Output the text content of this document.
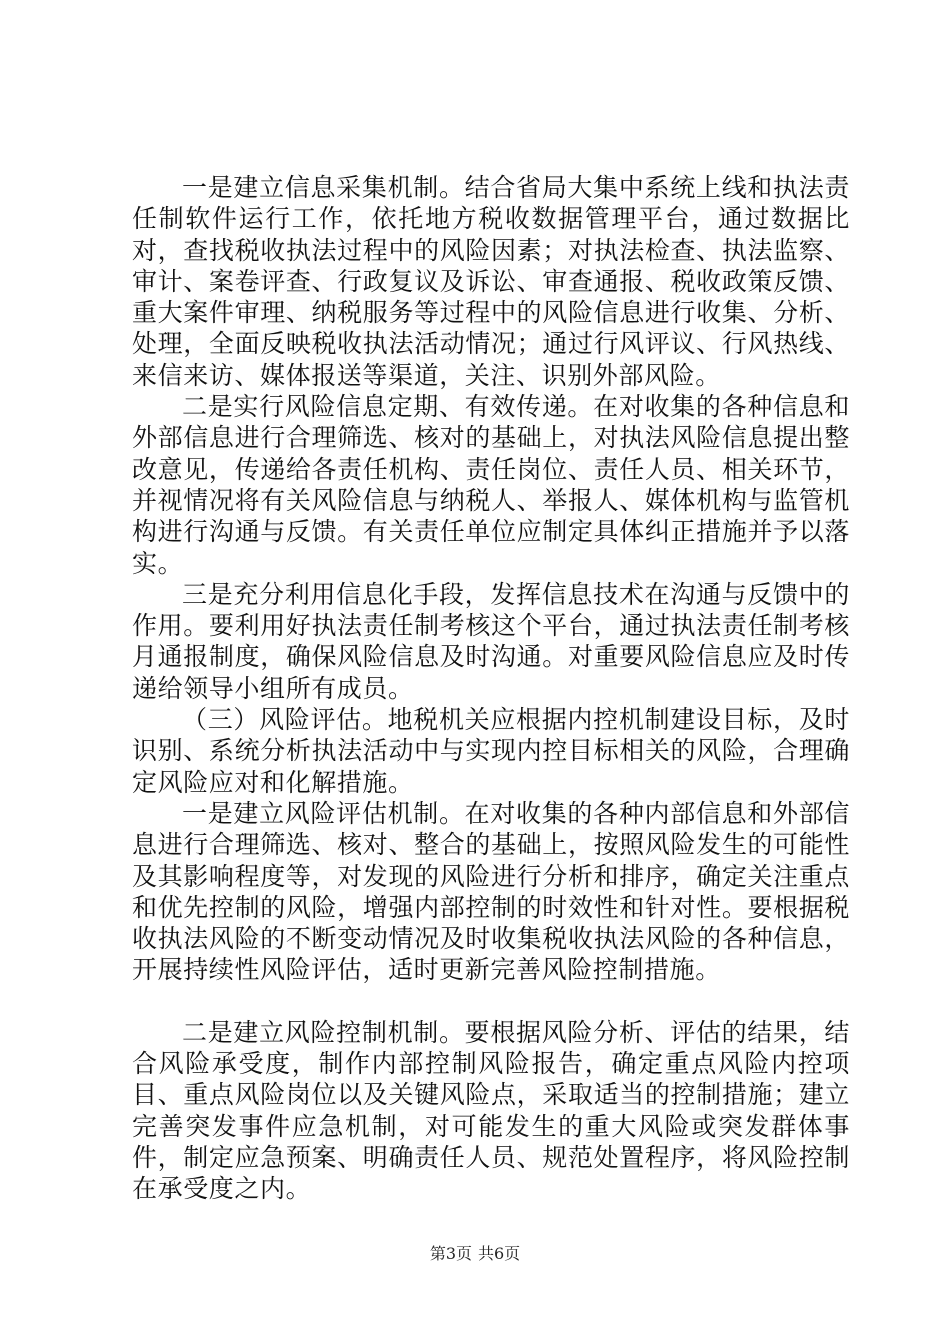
一是建立信息采集机制。结合省局大集中系统上线和执法责任制软件运行工作，依托地方税收数据管理平台，通过数据比对，查找税收执法过程中的风险因素；对执法检查、执法监察、审计、案卷评查、行政复议及诉讼、审查通报、税收政策反馈、重大案件审理、纳税服务等过程中的风险信息进行收集、分析、处理，全面反映税收执法活动情况；通过行风评议、行风热线、来信来访、媒体报送等渠道，关注、识别外部风险。

二是实行风险信息定期、有效传递。在对收集的各种信息和外部信息进行合理筛选、核对的基础上，对执法风险信息提出整改意见，传递给各责任机构、责任岗位、责任人员、相关环节，并视情况将有关风险信息与纳税人、举报人、媒体机构与监管机构进行沟通与反馈。有关责任单位应制定具体纠正措施并予以落实。

三是充分利用信息化手段，发挥信息技术在沟通与反馈中的作用。要利用好执法责任制考核这个平台，通过执法责任制考核月通报制度，确保风险信息及时沟通。对重要风险信息应及时传递给领导小组所有成员。

（三）风险评估。地税机关应根据内控机制建设目标，及时识别、系统分析执法活动中与实现内控目标相关的风险，合理确定风险应对和化解措施。

一是建立风险评估机制。在对收集的各种内部信息和外部信息进行合理筛选、核对、整合的基础上，按照风险发生的可能性及其影响程度等，对发现的风险进行分析和排序，确定关注重点和优先控制的风险，增强内部控制的时效性和针对性。要根据税收执法风险的不断变动情况及时收集税收执法风险的各种信息，开展持续性风险评估，适时更新完善风险控制措施。

二是建立风险控制机制。要根据风险分析、评估的结果，结合风险承受度，制作内部控制风险报告，确定重点风险内控项目、重点风险岗位以及关键风险点，采取适当的控制措施；建立完善突发事件应急机制，对可能发生的重大风险或突发群体事件，制定应急预案、明确责任人员、规范处置程序，将风险控制在承受度之内。

第3页 共6页
